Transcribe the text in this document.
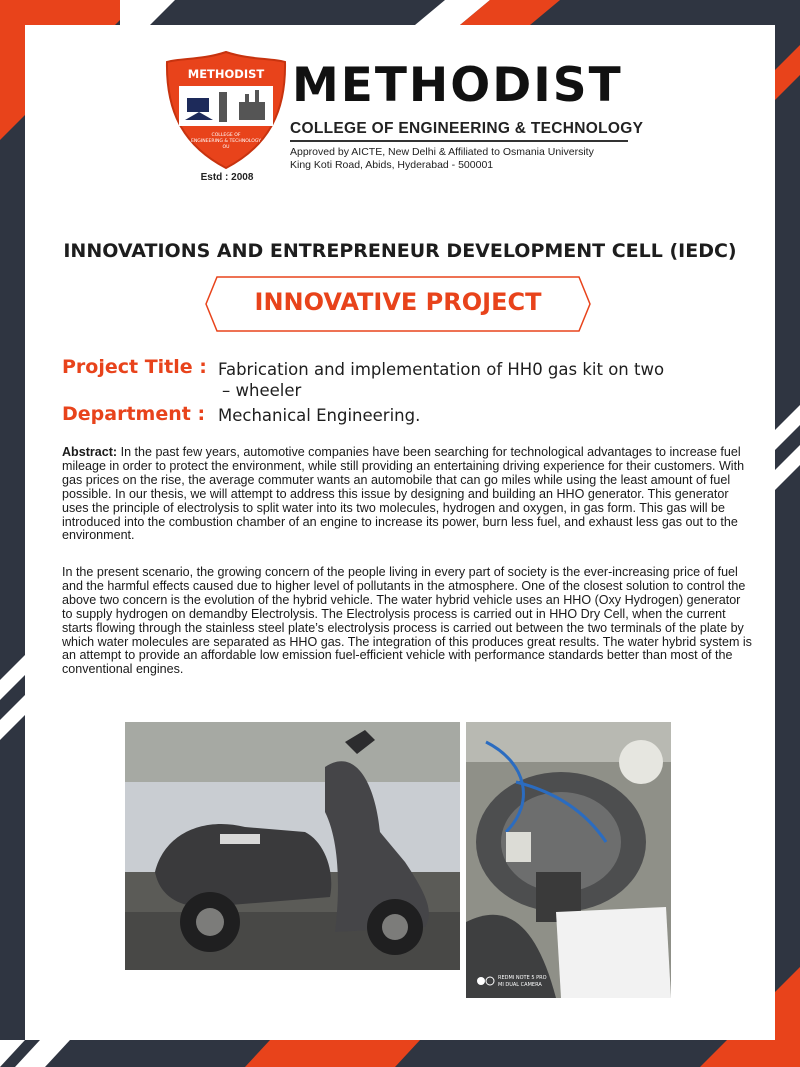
METHODIST
COLLEGE OF
ENGINEERING & TECHNOLOGY
OU
Estd : 2008
METHODIST
COLLEGE OF ENGINEERING & TECHNOLOGY
Approved by AICTE, New Delhi & Affiliated to Osmania University
King Koti Road, Abids, Hyderabad - 500001
INNOVATIONS AND ENTREPRENEUR DEVELOPMENT CELL (IEDC)
INNOVATIVE PROJECT
Project Title : Fabrication and implementation of HH0 gas kit on two
– wheeler
Department : Mechanical Engineering.
Abstract: In the past few years, automotive companies have been searching for technological advantages to increase fuel mileage in order to protect the environment, while still providing an entertaining driving experience for their customers. With gas prices on the rise, the average commuter wants an automobile that can go miles while using the least amount of fuel possible. In our thesis, we will attempt to address this issue by designing and building an HHO generator. This generator uses the principle of electrolysis to split water into its two molecules, hydrogen and oxygen, in gas form. This gas will be introduced into the combustion chamber of an engine to increase its power, burn less fuel, and exhaust less gas out to the environment.
In the present scenario, the growing concern of the people living in every part of society is the ever-increasing price of fuel and the harmful effects caused due to higher level of pollutants in the atmosphere. One of the closest solution to control the above two concern is the evolution of the hybrid vehicle. The water hybrid vehicle uses an HHO (Oxy Hydrogen) generator to supply hydrogen on demandby Electrolysis. The Electrolysis process is carried out in HHO Dry Cell, when the current starts flowing through the stainless steel plate’s electrolysis process is carried out between the two terminals of the plate by which water molecules are separated as HHO gas. The integration of this produces great results. The water hybrid system is an attempt to provide an affordable low emission fuel-efficient vehicle with performance standards better than most of the conventional engines.
REDMI NOTE 5 PRO
MI DUAL CAMERA
